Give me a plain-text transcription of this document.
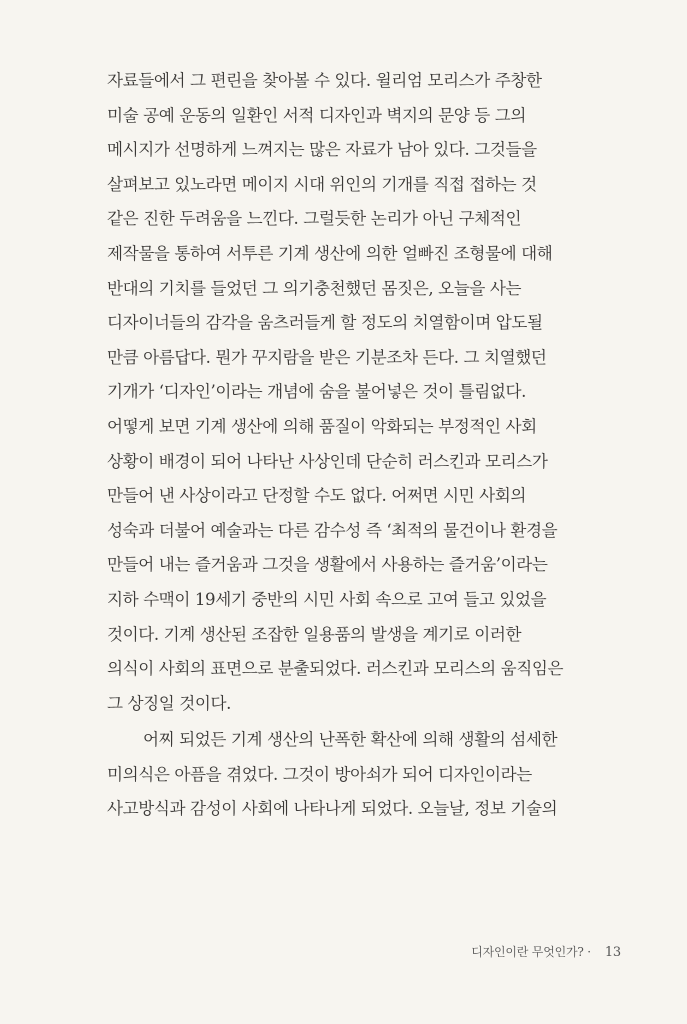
자료들에서 그 편린을 찾아볼 수 있다. 윌리엄 모리스가 주창한
미술 공예 운동의 일환인 서적 디자인과 벽지의 문양 등 그의
메시지가 선명하게 느껴지는 많은 자료가 남아 있다. 그것들을
살펴보고 있노라면 메이지 시대 위인의 기개를 직접 접하는 것
같은 진한 두려움을 느낀다. 그럴듯한 논리가 아닌 구체적인
제작물을 통하여 서투른 기계 생산에 의한 얼빠진 조형물에 대해
반대의 기치를 들었던 그 의기충천했던 몸짓은, 오늘을 사는
디자이너들의 감각을 움츠러들게 할 정도의 치열함이며 압도될
만큼 아름답다. 뭔가 꾸지람을 받은 기분조차 든다. 그 치열했던
기개가 ‘디자인’이라는 개념에 숨을 불어넣은 것이 틀림없다.
어떻게 보면 기계 생산에 의해 품질이 악화되는 부정적인 사회
상황이 배경이 되어 나타난 사상인데 단순히 러스킨과 모리스가
만들어 낸 사상이라고 단정할 수도 없다. 어쩌면 시민 사회의
성숙과 더불어 예술과는 다른 감수성 즉 ‘최적의 물건이나 환경을
만들어 내는 즐거움과 그것을 생활에서 사용하는 즐거움’이라는
지하 수맥이 19세기 중반의 시민 사회 속으로 고여 들고 있었을
것이다. 기계 생산된 조잡한 일용품의 발생을 계기로 이러한
의식이 사회의 표면으로 분출되었다. 러스킨과 모리스의 움직임은
그 상징일 것이다.
어찌 되었든 기계 생산의 난폭한 확산에 의해 생활의 섬세한
미의식은 아픔을 겪었다. 그것이 방아쇠가 되어 디자인이라는
사고방식과 감성이 사회에 나타나게 되었다. 오늘날, 정보 기술의
디자인이란 무엇인가? · 13
